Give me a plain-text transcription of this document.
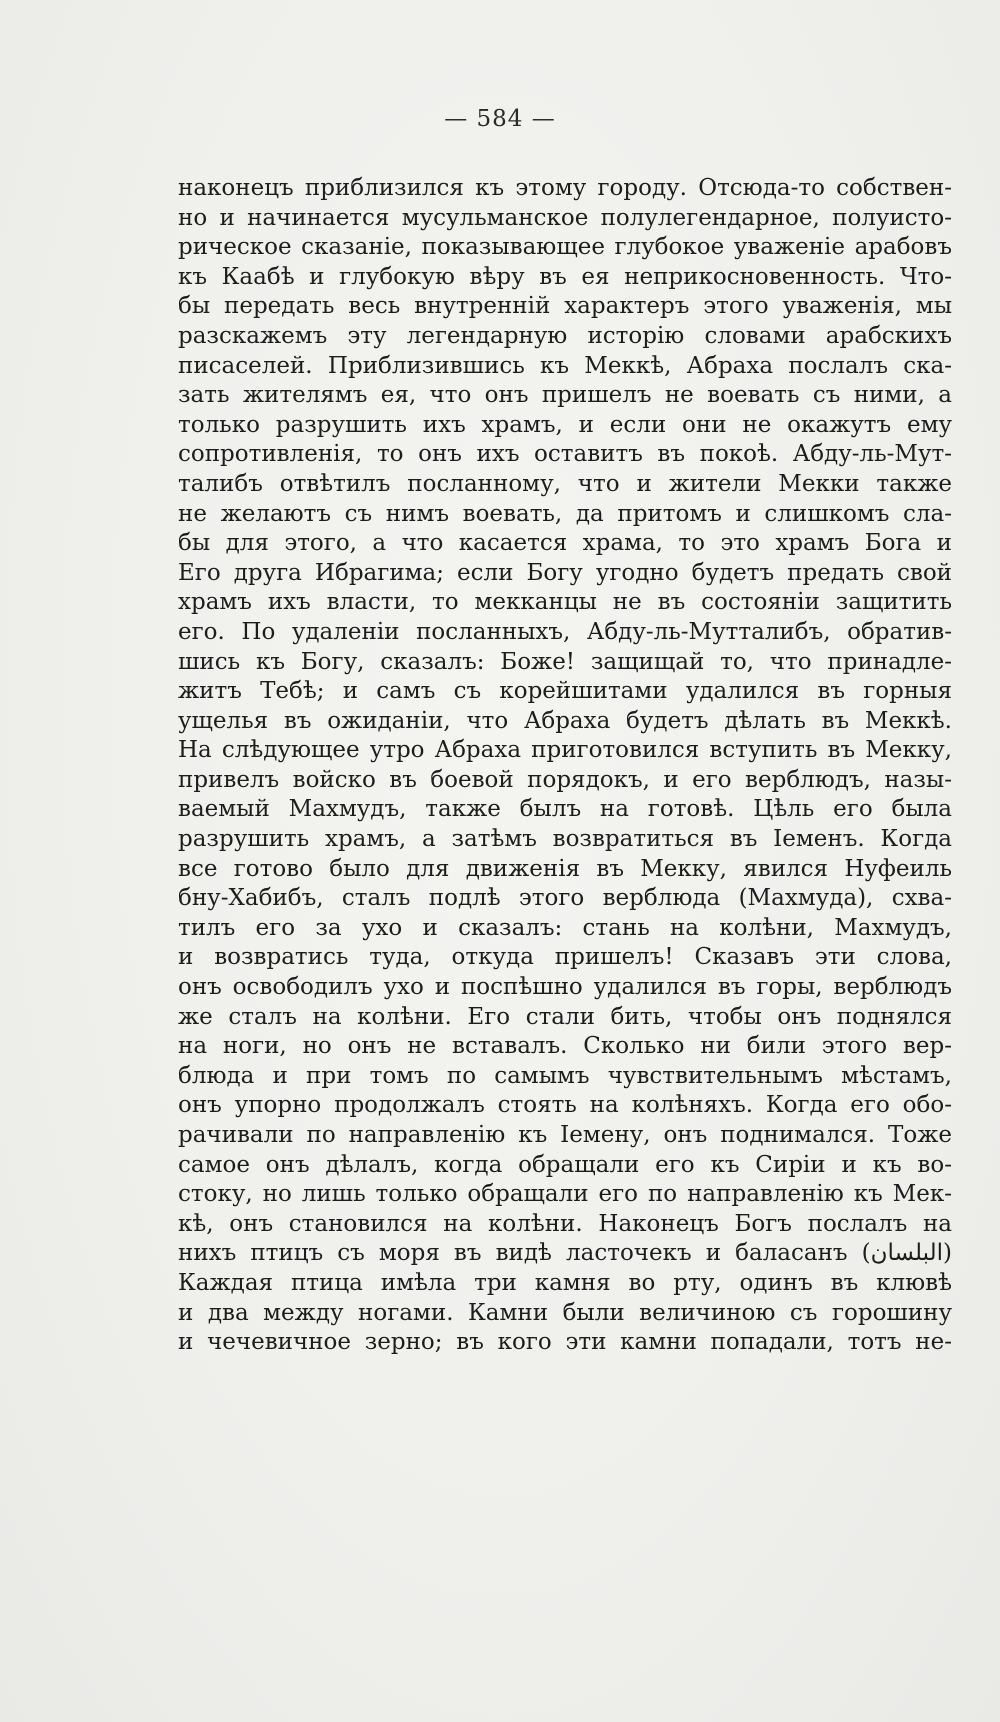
— 584 —
наконецъ приблизился къ этому городу. Отсюда-то собствен-
но и начинается мусульманское полулегендарное, полуисто-
рическое сказаніе, показывающее глубокое уваженіе арабовъ
къ Каабѣ и глубокую вѣру въ ея неприкосновенность. Что-
бы передать весь внутренній характеръ этого уваженія, мы
разскажемъ эту легендарную исторію словами арабскихъ
писаселей. Приблизившись къ Меккѣ, Абраха послалъ ска-
зать жителямъ ея, что онъ пришелъ не воевать съ ними, а
только разрушить ихъ храмъ, и если они не окажутъ ему
сопротивленія, то онъ ихъ оставитъ въ покоѣ. Абду-ль-Мут-
талибъ отвѣтилъ посланному, что и жители Мекки также
не желаютъ съ нимъ воевать, да притомъ и слишкомъ сла-
бы для этого, а что касается храма, то это храмъ Бога и
Его друга Ибрагима; если Богу угодно будетъ предать свой
храмъ ихъ власти, то мекканцы не въ состояніи защитить
его. По удаленіи посланныхъ, Абду-ль-Мутталибъ, обратив-
шись къ Богу, сказалъ: Боже! защищай то, что принадле-
житъ Тебѣ; и самъ съ корейшитами удалился въ горныя
ущелья въ ожиданіи, что Абраха будетъ дѣлать въ Меккѣ.
На слѣдующее утро Абраха приготовился вступить въ Мекку,
привелъ войско въ боевой порядокъ, и его верблюдъ, назы-
ваемый Махмудъ, также былъ на готовѣ. Цѣль его была
разрушить храмъ, а затѣмъ возвратиться въ Іеменъ. Когда
все готово было для движенія въ Мекку, явился Нуфеиль
бну-Хабибъ, сталъ подлѣ этого верблюда (Махмуда), схва-
тилъ его за ухо и сказалъ: стань на колѣни, Махмудъ,
и возвратись туда, откуда пришелъ! Сказавъ эти слова,
онъ освободилъ ухо и поспѣшно удалился въ горы, верблюдъ
же сталъ на колѣни. Его стали бить, чтобы онъ поднялся
на ноги, но онъ не вставалъ. Сколько ни били этого вер-
блюда и при томъ по самымъ чувствительнымъ мѣстамъ,
онъ упорно продолжалъ стоять на колѣняхъ. Когда его обо-
рачивали по направленію къ Іемену, онъ поднимался. Тоже
самое онъ дѣлалъ, когда обращали его къ Сиріи и къ во-
стоку, но лишь только обращали его по направленію къ Мек-
кѣ, онъ становился на колѣни. Наконецъ Богъ послалъ на
нихъ птицъ съ моря въ видѣ ласточекъ и баласанъ (البلسان)
Каждая птица имѣла три камня во рту, одинъ въ клювѣ
и два между ногами. Камни были величиною съ горошину
и чечевичное зерно; въ кого эти камни попадали, тотъ не-
